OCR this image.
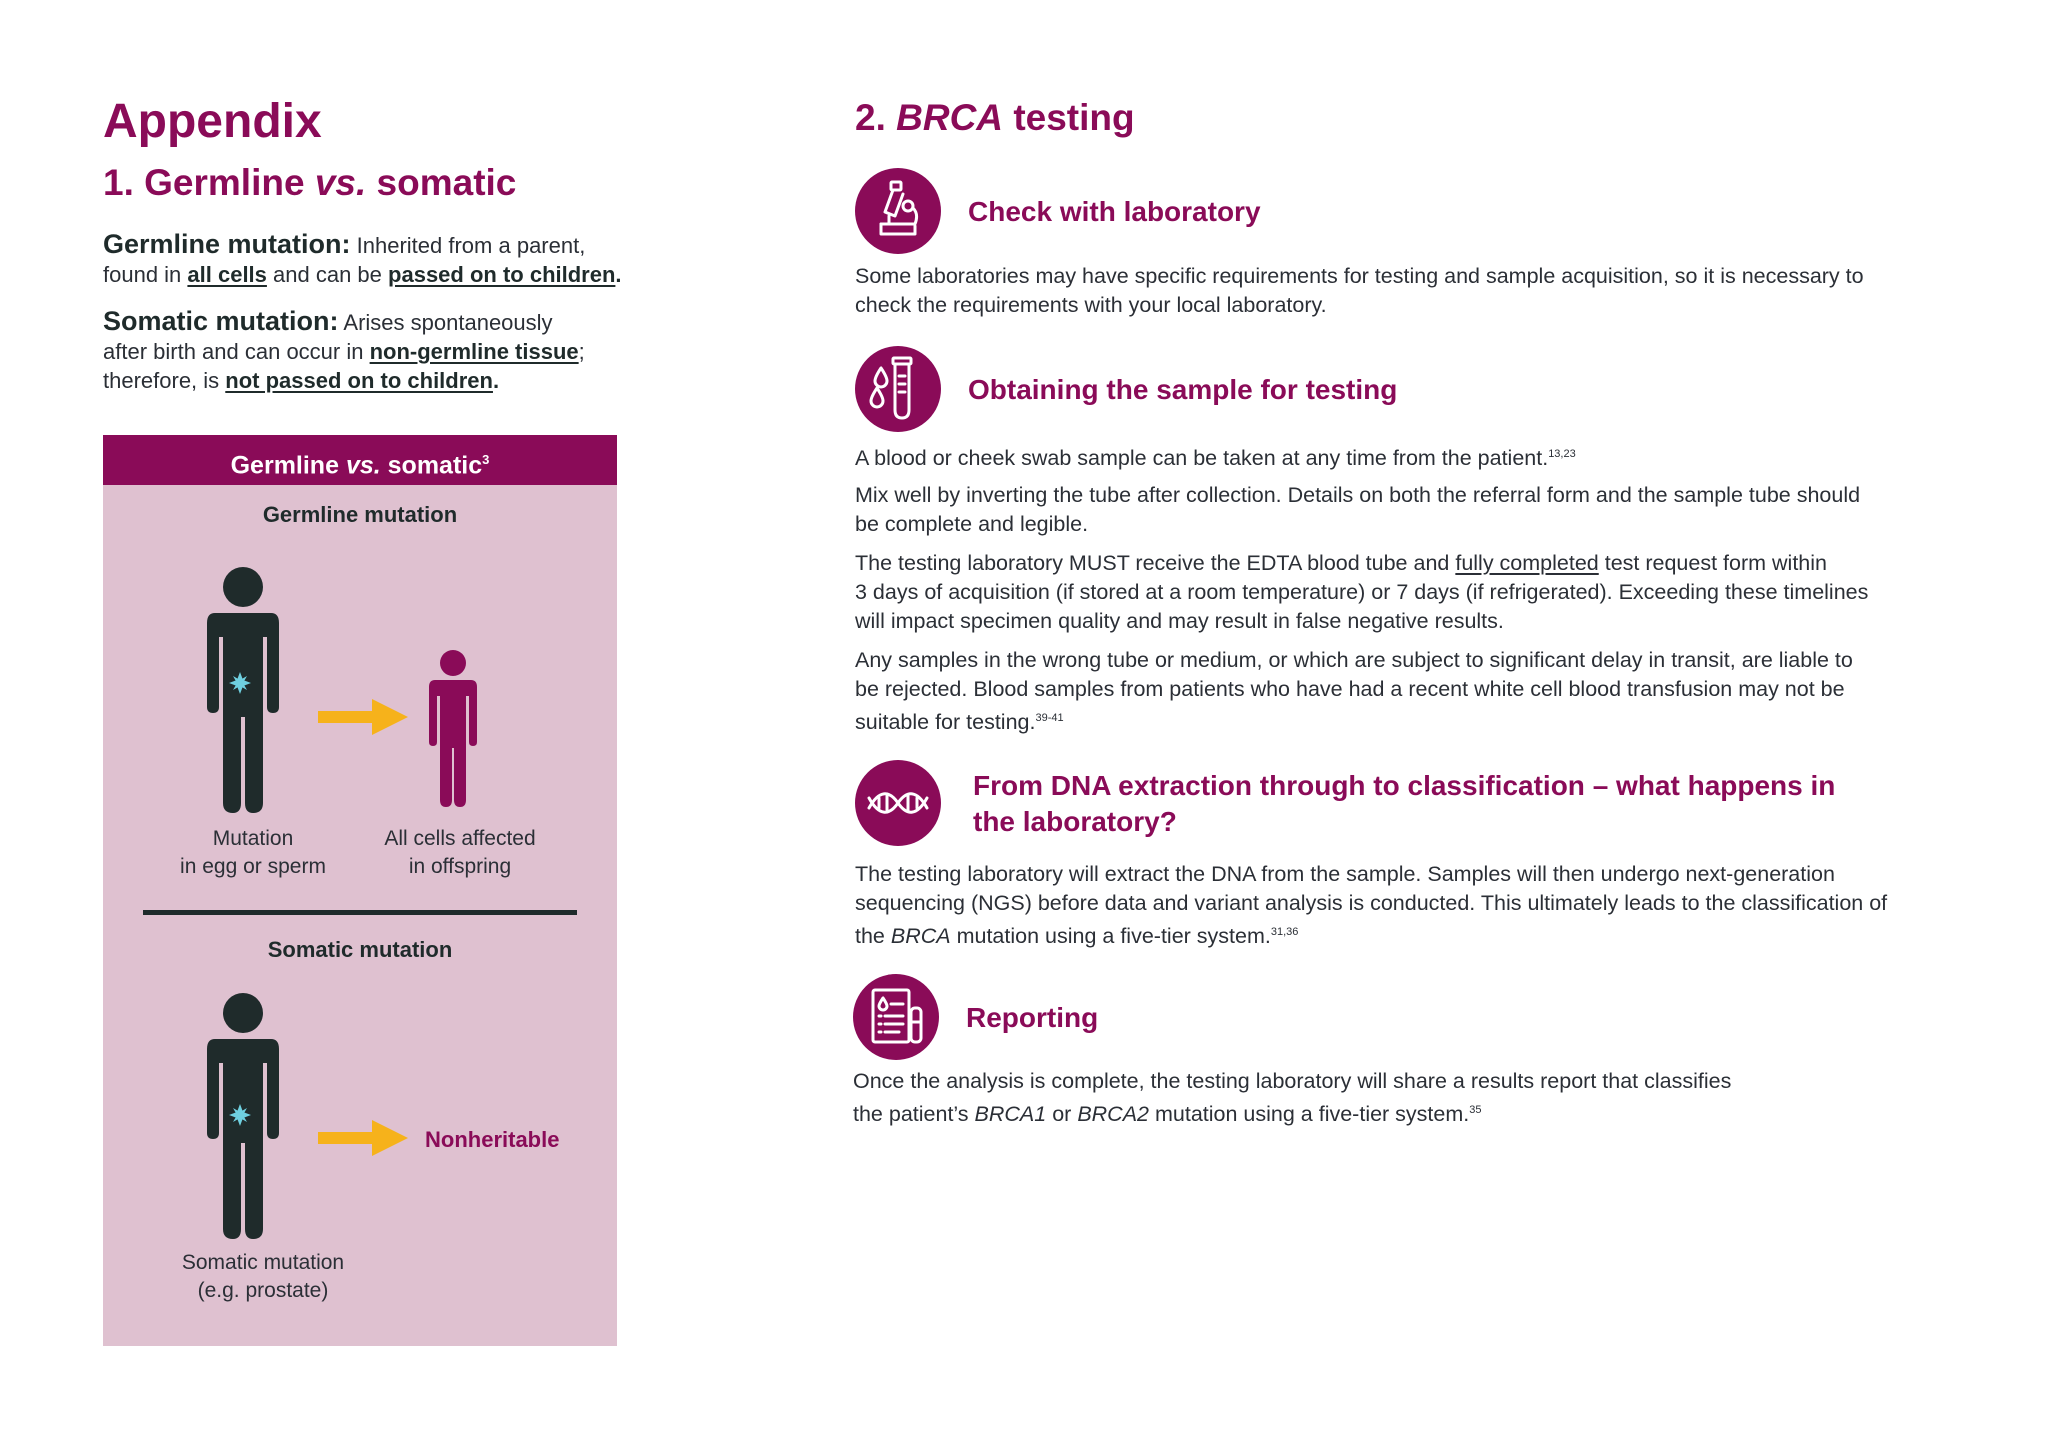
Appendix
1. Germline vs. somatic
Germline mutation: Inherited from a parent,
found in all cells and can be passed on to children.
Somatic mutation: Arises spontaneously
after birth and can occur in non-germline tissue;
therefore, is not passed on to children.
Germline vs. somatic$^3$
Germline mutation
Mutation
in egg or sperm
All cells affected
in offspring
Somatic mutation
Nonheritable
Somatic mutation
(e.g. prostate)
2. BRCA testing
Check with laboratory

Some laboratories may have specific requirements for testing and sample acquisition, so it is necessary to
check the requirements with your local laboratory.

Obtaining the sample for testing

A blood or cheek swab sample can be taken at any time from the patient.$^{13,23}$

Mix well by inverting the tube after collection. Details on both the referral form and the sample tube should
be complete and legible.

The testing laboratory MUST receive the EDTA blood tube and fully completed test request form within
3 days of acquisition (if stored at a room temperature) or 7 days (if refrigerated). Exceeding these timelines
will impact specimen quality and may result in false negative results.

Any samples in the wrong tube or medium, or which are subject to significant delay in transit, are liable to
be rejected. Blood samples from patients who have had a recent white cell blood transfusion may not be
suitable for testing.$^{39-41}$

From DNA extraction through to classification – what happens in
the laboratory?

The testing laboratory will extract the DNA from the sample. Samples will then undergo next-generation
sequencing (NGS) before data and variant analysis is conducted. This ultimately leads to the classification of
the BRCA mutation using a five-tier system.$^{31,36}$

Reporting

Once the analysis is complete, the testing laboratory will share a results report that classifies
the patient’s BRCA1 or BRCA2 mutation using a five-tier system.$^{35}$
